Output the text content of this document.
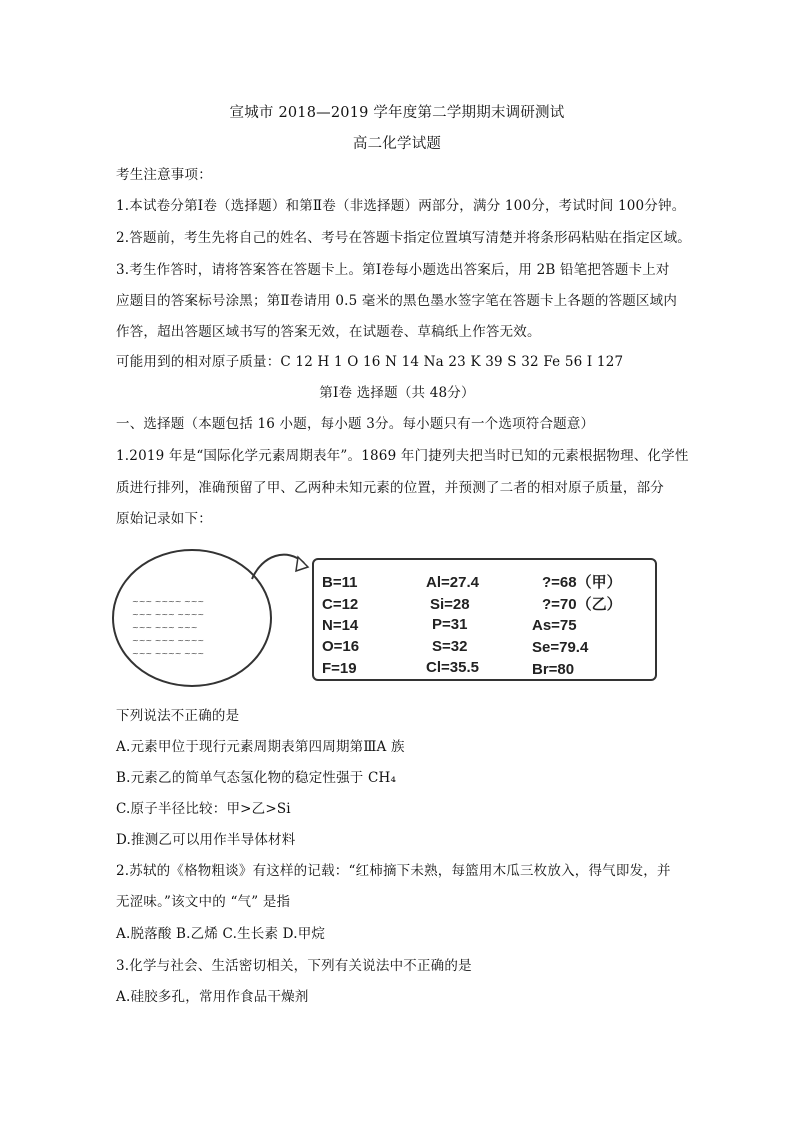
宣城市 2018—2019 学年度第二学期期末调研测试
高二化学试题
考生注意事项：
1.本试卷分第Ⅰ卷（选择题）和第Ⅱ卷（非选择题）两部分，满分 100分，考试时间 100分钟。
2.答题前，考生先将自己的姓名、考号在答题卡指定位置填写清楚并将条形码粘贴在指定区域。
3.考生作答时，请将答案答在答题卡上。第Ⅰ卷每小题选出答案后，用 2B 铅笔把答题卡上对
应题目的答案标号涂黑；第Ⅱ卷请用 0.5 毫米的黑色墨水签字笔在答题卡上各题的答题区域内
作答，超出答题区域书写的答案无效，在试题卷、草稿纸上作答无效。
可能用到的相对原子质量：C 12 H 1 O 16 N 14 Na 23 K 39 S 32 Fe 56 I 127
第Ⅰ卷 选择题（共 48分）
一、选择题（本题包括 16 小题，每小题 3分。每小题只有一个选项符合题意）
1.2019 年是“国际化学元素周期表年”。1869 年门捷列夫把当时已知的元素根据物理、化学性
质进行排列，准确预留了甲、乙两种未知元素的位置，并预测了二者的相对原子质量，部分
原始记录如下：
~~~ ~~~~ ~~~
~~~ ~~~ ~~~~
~~~ ~~~ ~~~
~~~ ~~~ ~~~~
~~~ ~~~~ ~~~
B=11	Al=27.4	?=68（甲）
C=12	Si=28	?=70（乙）
N=14	P=31	As=75
O=16	S=32	Se=79.4
F=19	Cl=35.5	Br=80
下列说法不正确的是
A.元素甲位于现行元素周期表第四周期第ⅢA 族
B.元素乙的简单气态氢化物的稳定性强于 CH₄
C.原子半径比较：甲>乙>Si
D.推测乙可以用作半导体材料
2.苏轼的《格物粗谈》有这样的记载：“红柿摘下未熟，每篮用木瓜三枚放入，得气即发，并
无涩味。”该文中的 “气” 是指
A.脱落酸 B.乙烯 C.生长素 D.甲烷
3.化学与社会、生活密切相关，下列有关说法中不正确的是
A.硅胶多孔，常用作食品干燥剂
